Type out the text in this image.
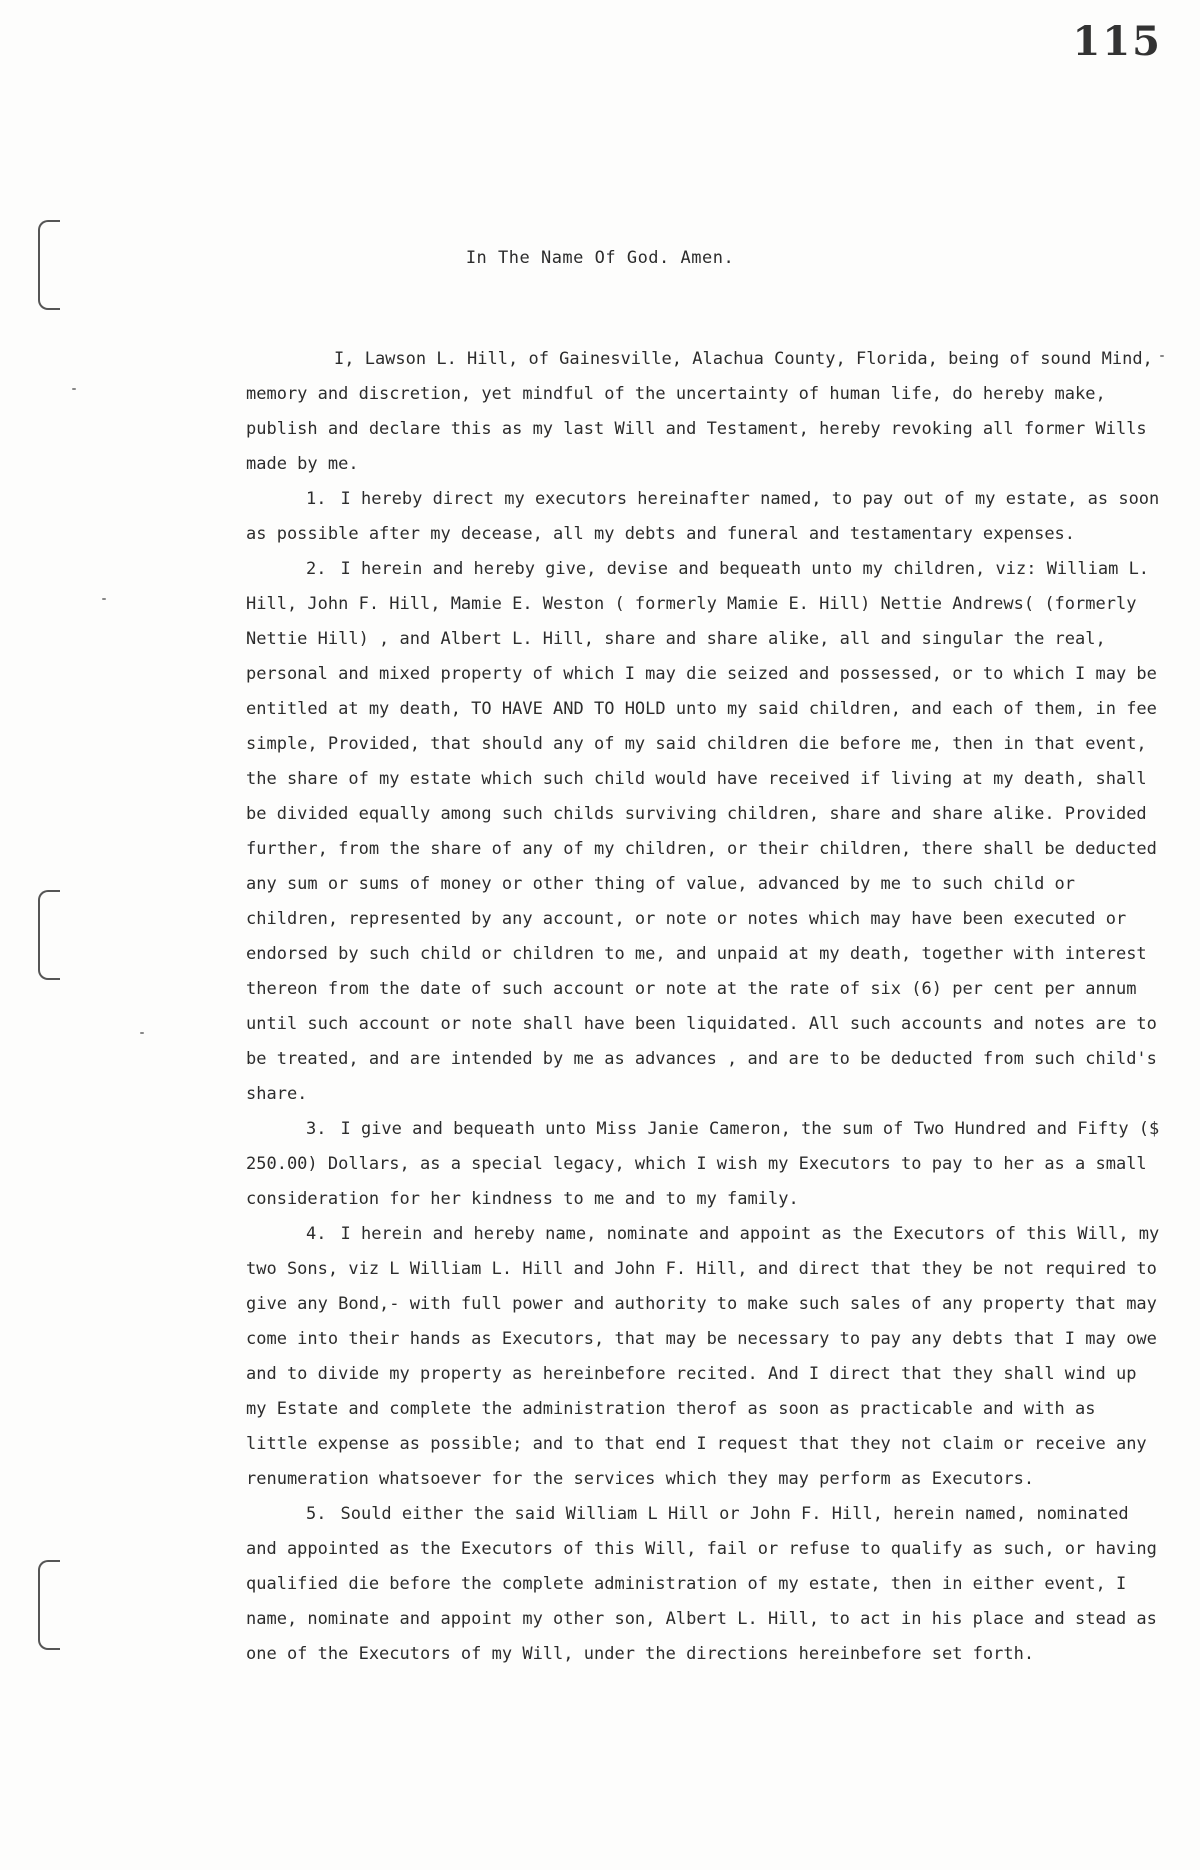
115
In The Name Of God. Amen.

I, Lawson L. Hill, of Gainesville, Alachua County, Florida, being of sound Mind, memory and discretion, yet mindful of the uncertainty of human life, do hereby make, publish and declare this as my last Will and Testament, hereby revoking all former Wills made by me.

1. I hereby direct my executors hereinafter named, to pay out of my estate, as soon as possible after my decease, all my debts and funeral and testamentary expenses.

2. I herein and hereby give, devise and bequeath unto my children, viz: William L. Hill, John F. Hill, Mamie E. Weston ( formerly Mamie E. Hill) Nettie Andrews( (formerly Nettie Hill) , and Albert L. Hill, share and share alike, all and singular the real, personal and mixed property of which I may die seized and possessed, or to which I may be entitled at my death, TO HAVE AND TO HOLD unto my said children, and each of them, in fee simple, Provided, that should any of my said children die before me, then in that event, the share of my estate which such child would have received if living at my death, shall be divided equally among such childs surviving children, share and share alike. Provided further, from the share of any of my children, or their children, there shall be deducted any sum or sums of money or other thing of value, advanced by me to such child or children, represented by any account, or note or notes which may have been executed or endorsed by such child or children to me, and unpaid at my death, together with interest thereon from the date of such account or note at the rate of six (6) per cent per annum until such account or note shall have been liquidated. All such accounts and notes are to be treated, and are intended by me as advances , and are to be deducted from such child's share.

3. I give and bequeath unto Miss Janie Cameron, the sum of Two Hundred and Fifty ($ 250.00) Dollars, as a special legacy, which I wish my Executors to pay to her as a small consideration for her kindness to me and to my family.

4. I herein and hereby name, nominate and appoint as the Executors of this Will, my two Sons, viz L William L. Hill and John F. Hill, and direct that they be not required to give any Bond,- with full power and authority to make such sales of any property that may come into their hands as Executors, that may be necessary to pay any debts that I may owe and to divide my property as hereinbefore recited. And I direct that they shall wind up my Estate and complete the administration therof as soon as practicable and with as little expense as possible; and to that end I request that they not claim or receive any renumeration whatsoever for the services which they may perform as Executors.

5. Sould either the said William L Hill or John F. Hill, herein named, nominated and appointed as the Executors of this Will, fail or refuse to qualify as such, or having qualified die before the complete administration of my estate, then in either event, I name, nominate and appoint my other son, Albert L. Hill, to act in his place and stead as one of the Executors of my Will, under the directions hereinbefore set forth.
